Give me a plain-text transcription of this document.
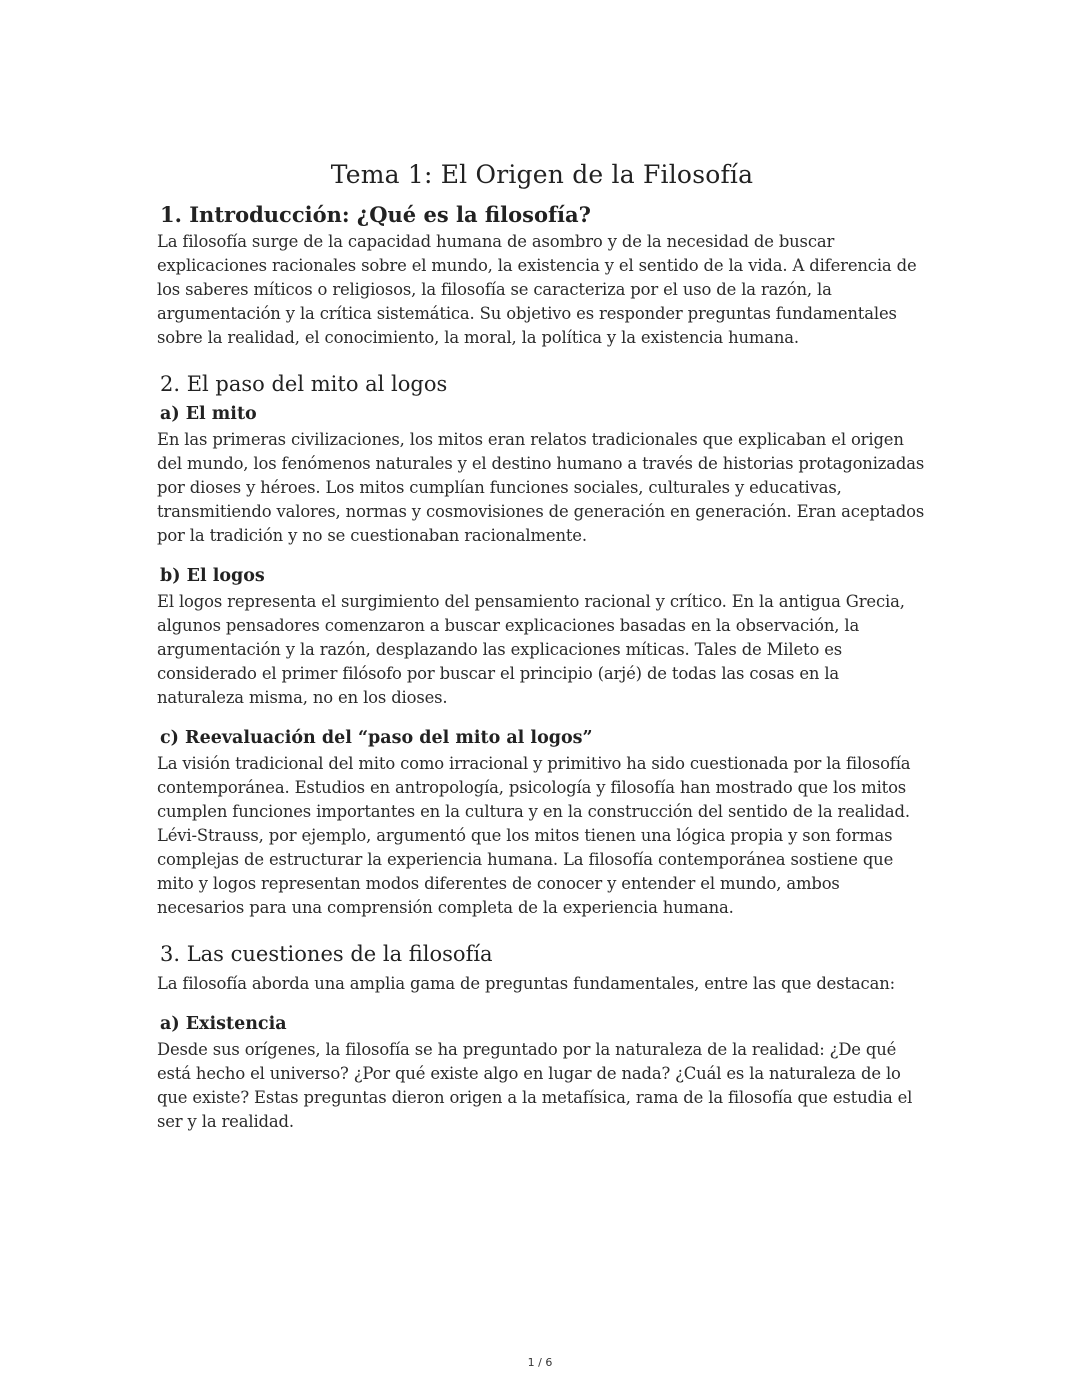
Tema 1: El Origen de la Filosofía
1. Introducción: ¿Qué es la filosofía?

La filosofía surge de la capacidad humana de asombro y de la necesidad de buscar explicaciones racionales sobre el mundo, la existencia y el sentido de la vida. A diferencia de los saberes míticos o religiosos, la filosofía se caracteriza por el uso de la razón, la argumentación y la crítica sistemática. Su objetivo es responder preguntas fundamentales sobre la realidad, el conocimiento, la moral, la política y la existencia humana.

2. El paso del mito al logos
a) El mito

En las primeras civilizaciones, los mitos eran relatos tradicionales que explicaban el origen del mundo, los fenómenos naturales y el destino humano a través de historias protagonizadas por dioses y héroes. Los mitos cumplían funciones sociales, culturales y educativas, transmitiendo valores, normas y cosmovisiones de generación en generación. Eran aceptados por la tradición y no se cuestionaban racionalmente.

b) El logos

El logos representa el surgimiento del pensamiento racional y crítico. En la antigua Grecia, algunos pensadores comenzaron a buscar explicaciones basadas en la observación, la argumentación y la razón, desplazando las explicaciones míticas. Tales de Mileto es considerado el primer filósofo por buscar el principio (arjé) de todas las cosas en la naturaleza misma, no en los dioses.

c) Reevaluación del “paso del mito al logos”

La visión tradicional del mito como irracional y primitivo ha sido cuestionada por la filosofía contemporánea. Estudios en antropología, psicología y filosofía han mostrado que los mitos cumplen funciones importantes en la cultura y en la construcción del sentido de la realidad. Lévi-Strauss, por ejemplo, argumentó que los mitos tienen una lógica propia y son formas complejas de estructurar la experiencia humana. La filosofía contemporánea sostiene que mito y logos representan modos diferentes de conocer y entender el mundo, ambos necesarios para una comprensión completa de la experiencia humana.

3. Las cuestiones de la filosofía

La filosofía aborda una amplia gama de preguntas fundamentales, entre las que destacan:

a) Existencia

Desde sus orígenes, la filosofía se ha preguntado por la naturaleza de la realidad: ¿De qué está hecho el universo? ¿Por qué existe algo en lugar de nada? ¿Cuál es la naturaleza de lo que existe? Estas preguntas dieron origen a la metafísica, rama de la filosofía que estudia el ser y la realidad.

1 / 6
